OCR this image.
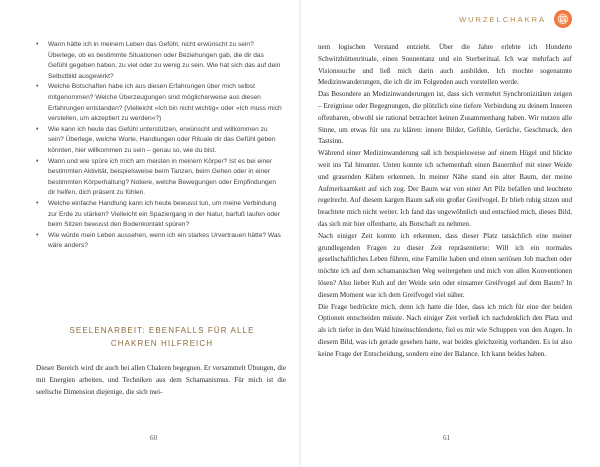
WURZELCHAKRA
• Wann hätte ich in meinem Leben das Gefühl, nicht erwünscht zu sein? Überlege, ob es bestimmte Situationen oder Beziehungen gab, die dir das Gefühl gegeben haben, zu viel oder zu wenig zu sein. Wie hat sich das auf dein Selbstbild ausgewirkt?
• Welche Botschaften habe ich aus diesen Erfahrungen über mich selbst mitgenommen? Welche Überzeugungen sind möglicherweise aus diesen Erfahrungen entstanden? (Vielleicht »Ich bin nicht wichtig« oder »Ich muss mich verstellen, um akzeptiert zu werden«?)
• Wie kann ich heute das Gefühl unterstützen, erwünscht und willkommen zu sein? Überlege, welche Worte, Handlungen oder Rituale dir das Gefühl geben könnten, hier willkommen zu sein – genau so, wie du bist.
• Wann und wie spüre ich mich am meisten in meinem Körper? Ist es bei einer bestimmten Aktivität, beispielsweise beim Tanzen, beim Gehen oder in einer bestimmten Körperhaltung? Notiere, welche Bewegungen oder Empfindungen dir helfen, dich präsent zu fühlen.
• Welche einfache Handlung kann ich heute bewusst tun, um meine Verbindung zur Erde zu stärken? Vielleicht ein Spaziergang in der Natur, barfuß laufen oder beim Sitzen bewusst den Bodenkontakt spüren?
• Wie würde mein Leben aussehen, wenn ich ein starkes Urvertrauen hätte? Was wäre anders?
SEELENARBEIT: EBENFALLS FÜR ALLE
CHAKREN HILFREICH

Dieser Bereich wird dir auch bei allen Chakren begegnen. Er versammelt Übungen, die mit Energien arbeiten, und Techniken aus dem Schamanismus. Für mich ist die seelische Dimension diejenige, die sich mei-

60

nem logischen Verstand entzieht. Über die Jahre erlebte ich Hunderte Schwitzhüttenrituale, einen Sonnentanz und ein Sterberitual. Ich war mehrfach auf Visionssuche und ließ mich darin auch ausbilden. Ich mochte sogenannte Medizinwanderungen, die ich dir im Folgenden auch vorstellen werde.

Das Besondere an Medizinwanderungen ist, dass sich vermehrt Synchronizitäten zeigen – Ereignisse oder Begegnungen, die plötzlich eine tiefere Verbindung zu deinem Inneren offenbaren, obwohl sie rational betrachtet keinen Zusammenhang haben. Wir nutzen alle Sinne, um etwas für uns zu klären: innere Bilder, Gefühle, Gerüche, Geschmack, den Tastsinn.

Während einer Medizinwanderung saß ich beispielsweise auf einem Hügel und blickte weit ins Tal hinunter. Unten konnte ich schemenhaft einen Bauernhof mit einer Weide und grasenden Kühen erkennen. In meiner Nähe stand ein alter Baum, der meine Aufmerksamkeit auf sich zog. Der Baum war von einer Art Pilz befallen und leuchtete regelrecht. Auf diesem kargen Baum saß ein großer Greifvogel. Er blieb ruhig sitzen und beachtete mich nicht weiter. Ich fand das ungewöhnlich und entschied mich, dieses Bild, das sich mir hier offenbarte, als Botschaft zu nehmen.

Nach einiger Zeit konnte ich erkennen, dass dieser Platz tatsächlich eine meiner grundlegenden Fragen zu dieser Zeit repräsentierte: Will ich ein normales gesellschaftliches Leben führen, eine Familie haben und einen seriösen Job machen oder möchte ich auf dem schamanischen Weg weitergehen und mich von allen Konventionen lösen? Also lieber Kuh auf der Weide sein oder einsamer Greifvogel auf dem Baum? In diesem Moment war ich dem Greifvogel viel näher.

Die Frage bedrückte mich, denn ich hatte die Idee, dass ich mich für eine der beiden Optionen entscheiden müsste. Nach einiger Zeit verließ ich nachdenklich den Platz und als ich tiefer in den Wald hineinschlenderte, fiel es mir wie Schuppen von den Augen. In diesem Bild, was ich gerade gesehen hatte, war beides gleichzeitig vorhanden. Es ist also keine Frage der Entscheidung, sondern eine der Balance. Ich kann beides haben.

61
